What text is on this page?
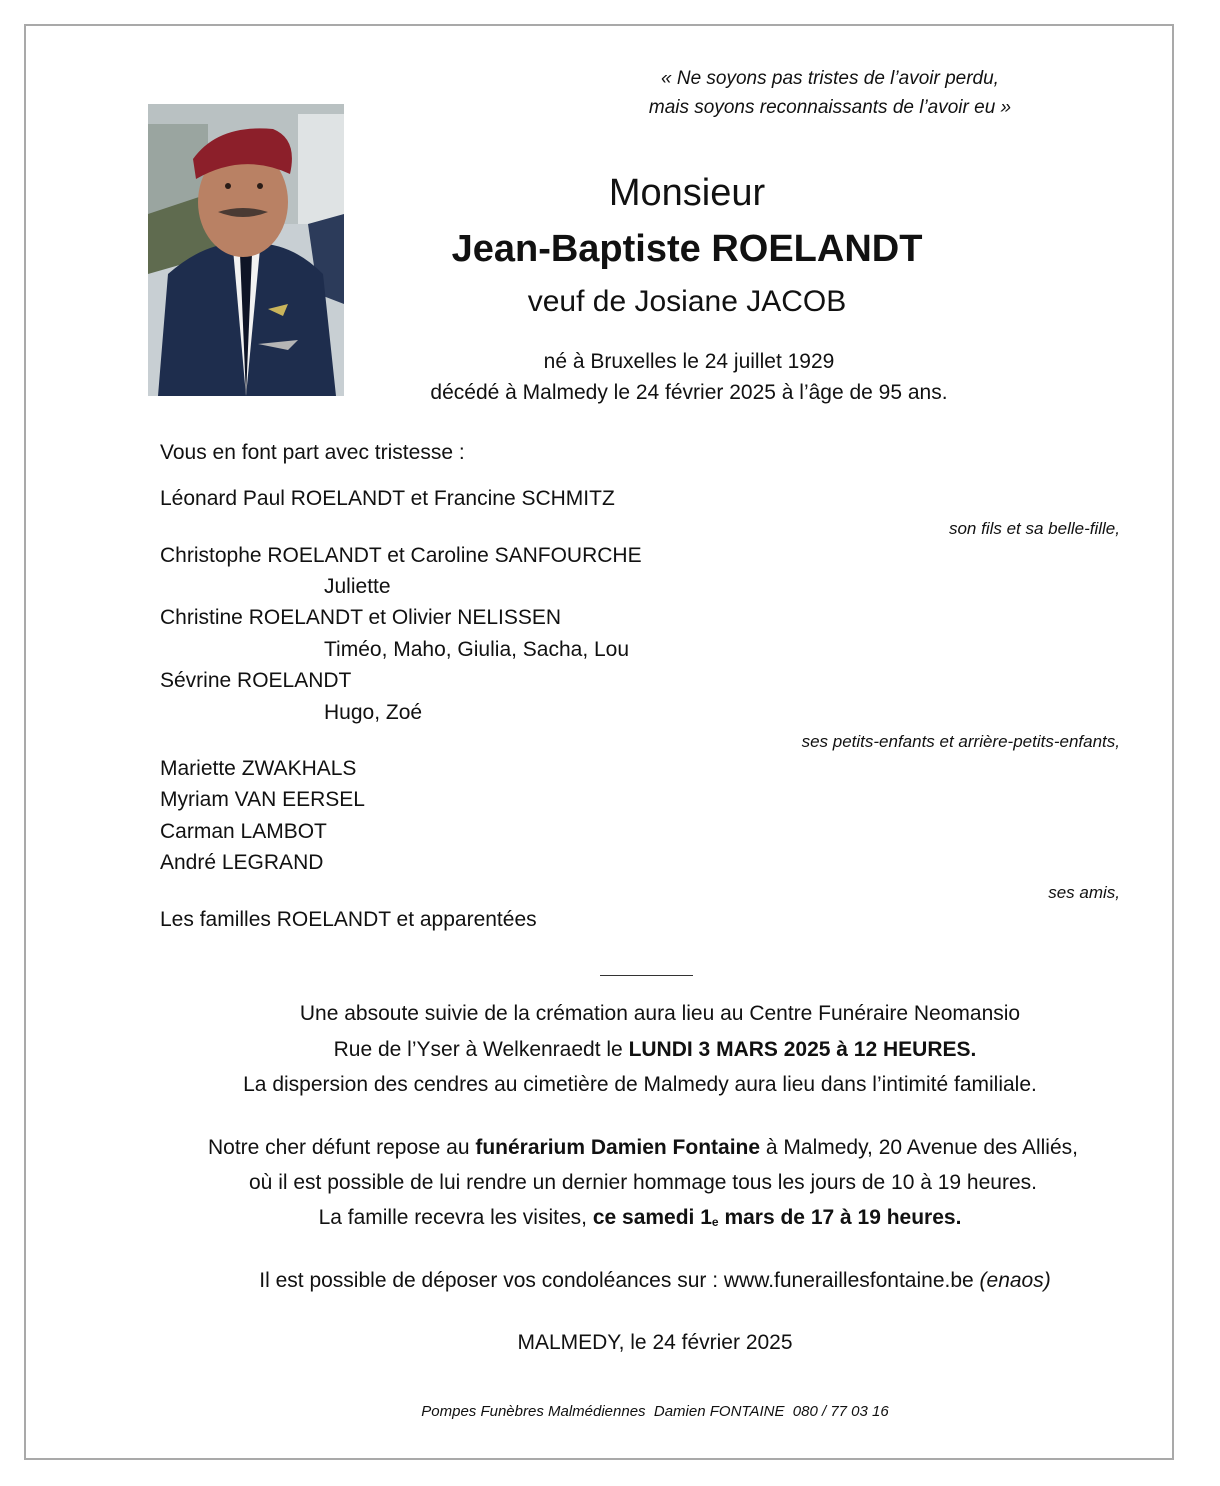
« Ne soyons pas tristes de l’avoir perdu,
mais soyons reconnaissants de l’avoir eu »
Monsieur
Jean-Baptiste ROELANDT
veuf de Josiane JACOB
né à Bruxelles le 24 juillet 1929
décédé à Malmedy le 24 février 2025 à l’âge de 95 ans.
Vous en font part avec tristesse :
Léonard Paul ROELANDT et Francine SCHMITZ
son fils et sa belle-fille,
Christophe ROELANDT et Caroline SANFOURCHE
Juliette
Christine ROELANDT et Olivier NELISSEN
Timéo, Maho, Giulia, Sacha, Lou
Sévrine ROELANDT
Hugo, Zoé
ses petits-enfants et arrière-petits-enfants,
Mariette ZWAKHALS
Myriam VAN EERSEL
Carman LAMBOT
André LEGRAND
ses amis,
Les familles ROELANDT et apparentées
Une absoute suivie de la crémation aura lieu au Centre Funéraire Neomansio
Rue de l’Yser à Welkenraedt le LUNDI 3 MARS 2025 à 12 HEURES.
La dispersion des cendres au cimetière de Malmedy aura lieu dans l’intimité familiale.
Notre cher défunt repose au funérarium Damien Fontaine à Malmedy, 20 Avenue des Alliés,
où il est possible de lui rendre un dernier hommage tous les jours de 10 à 19 heures.
La famille recevra les visites, ce samedi $1_e$ mars de 17 à 19 heures.
Il est possible de déposer vos condoléances sur : www.funeraillesfontaine.be (enaos)
MALMEDY, le 24 février 2025
Pompes Funèbres Malmédiennes  Damien FONTAINE  080 / 77 03 16
